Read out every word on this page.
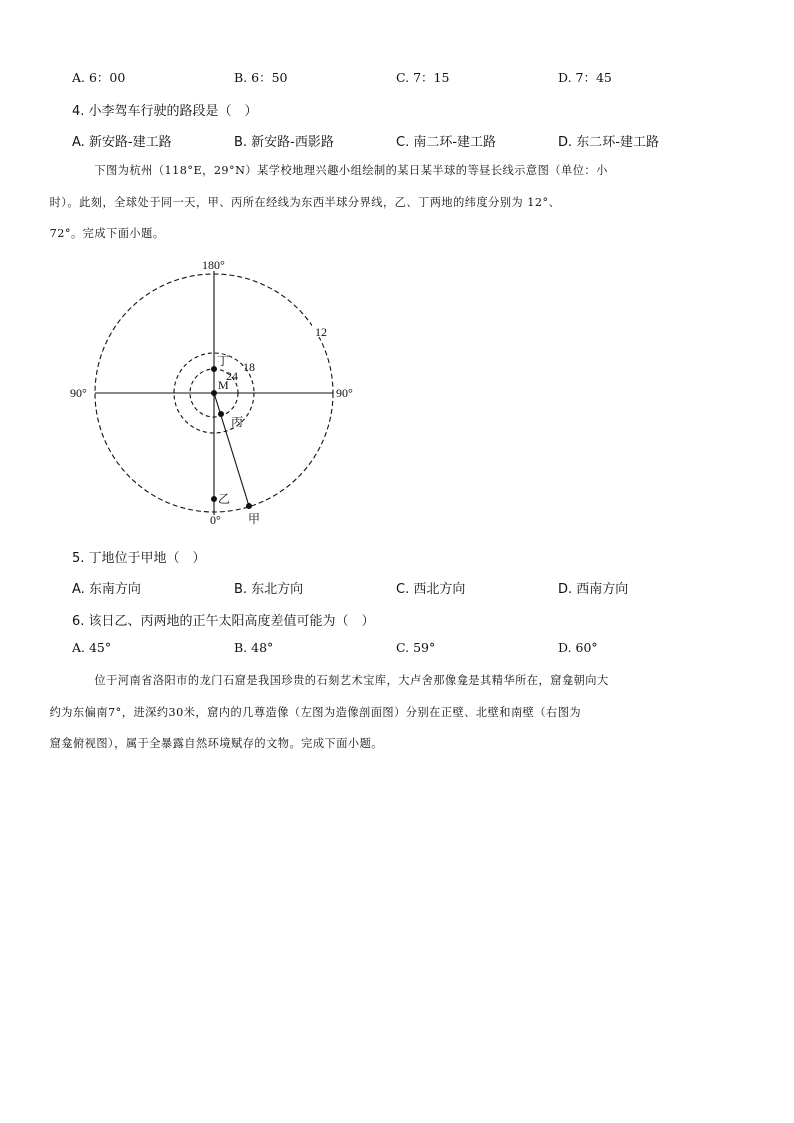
A. 6：00	B. 6：50	C. 7：15	D. 7：45
4. 小李驾车行驶的路段是（　）
A. 新安路-建工路	B. 新安路-西影路	C. 南二环-建工路	D. 东二环-建工路
下图为杭州（118°E，29°N）某学校地理兴趣小组绘制的某日某半球的等昼长线示意图（单位：小
时）。此刻，全球处于同一天，甲、丙所在经线为东西半球分界线，乙、丁两地的纬度分别为 12°、
72°。完成下面小题。
180°
90°	90°
0°
12
18
24
M
丁
丙
乙
甲
5. 丁地位于甲地（　）
A. 东南方向	B. 东北方向	C. 西北方向	D. 西南方向
6. 该日乙、丙两地的正午太阳高度差值可能为（　）
A. 45°	B. 48°	C. 59°	D. 60°
位于河南省洛阳市的龙门石窟是我国珍贵的石刻艺术宝库，大卢舍那像龛是其精华所在，窟龛朝向大
约为东偏南7°，进深约30米，窟内的几尊造像（左图为造像剖面图）分别在正壁、北壁和南壁（右图为
窟龛俯视图），属于全暴露自然环境赋存的文物。完成下面小题。
